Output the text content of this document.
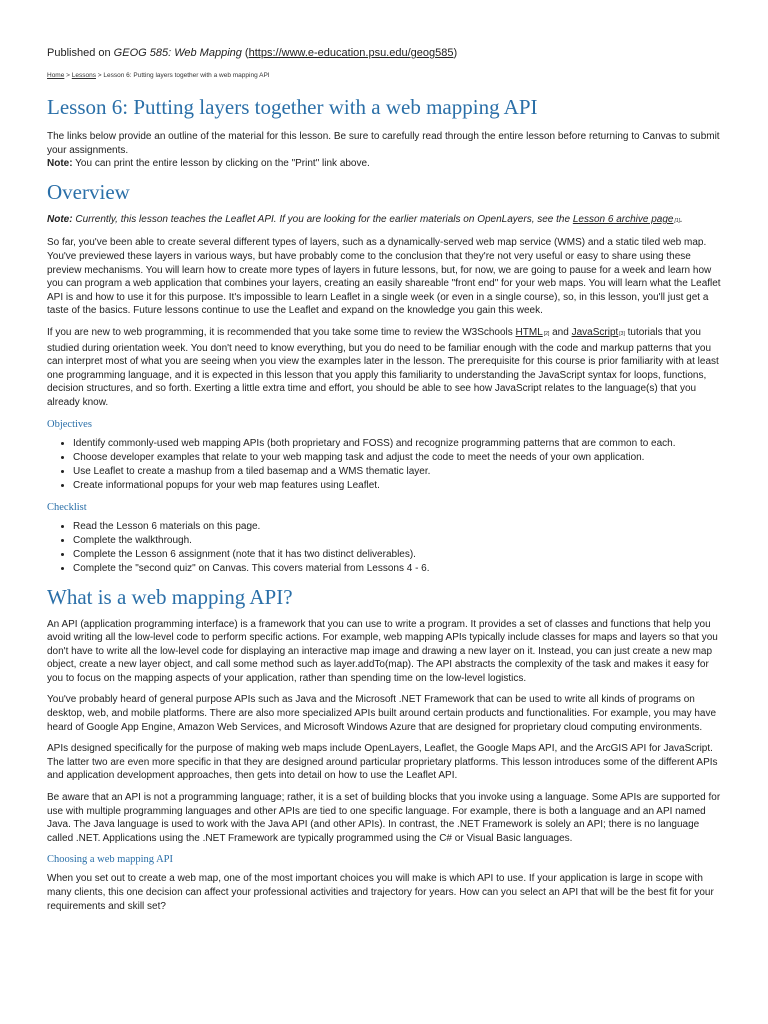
Published on GEOG 585: Web Mapping (https://www.e-education.psu.edu/geog585)
Home > Lessons > Lesson 6: Putting layers together with a web mapping API
Lesson 6: Putting layers together with a web mapping API

The links below provide an outline of the material for this lesson. Be sure to carefully read through the entire lesson before returning to Canvas to submit your assignments.

Note: You can print the entire lesson by clicking on the "Print" link above.

Overview

Note: Currently, this lesson teaches the Leaflet API. If you are looking for the earlier materials on OpenLayers, see the Lesson 6 archive page[1].

So far, you've been able to create several different types of layers, such as a dynamically-served web map service (WMS) and a static tiled web map. You've previewed these layers in various ways, but have probably come to the conclusion that they're not very useful or easy to share using these preview mechanisms. You will learn how to create more types of layers in future lessons, but, for now, we are going to pause for a week and learn how you can program a web application that combines your layers, creating an easily shareable "front end" for your web maps. You will learn what the Leaflet API is and how to use it for this purpose. It's impossible to learn Leaflet in a single week (or even in a single course), so, in this lesson, you'll just get a taste of the basics. Future lessons continue to use the Leaflet and expand on the knowledge you gain this week.

If you are new to web programming, it is recommended that you take some time to review the W3Schools HTML[2] and JavaScript[3] tutorials that you studied during orientation week. You don't need to know everything, but you do need to be familiar enough with the code and markup patterns that you can interpret most of what you are seeing when you view the examples later in the lesson. The prerequisite for this course is prior familiarity with at least one programming language, and it is expected in this lesson that you apply this familiarity to understanding the JavaScript syntax for loops, functions, decision structures, and so forth. Exerting a little extra time and effort, you should be able to see how JavaScript relates to the language(s) that you already know.

Objectives
• Identify commonly-used web mapping APIs (both proprietary and FOSS) and recognize programming patterns that are common to each.
• Choose developer examples that relate to your web mapping task and adjust the code to meet the needs of your own application.
• Use Leaflet to create a mashup from a tiled basemap and a WMS thematic layer.
• Create informational popups for your web map features using Leaflet.
Checklist
• Read the Lesson 6 materials on this page.
• Complete the walkthrough.
• Complete the Lesson 6 assignment (note that it has two distinct deliverables).
• Complete the "second quiz" on Canvas. This covers material from Lessons 4 - 6.
What is a web mapping API?

An API (application programming interface) is a framework that you can use to write a program. It provides a set of classes and functions that help you avoid writing all the low-level code to perform specific actions. For example, web mapping APIs typically include classes for maps and layers so that you don't have to write all the low-level code for displaying an interactive map image and drawing a new layer on it. Instead, you can just create a new map object, create a new layer object, and call some method such as layer.addTo(map). The API abstracts the complexity of the task and makes it easy for you to focus on the mapping aspects of your application, rather than spending time on the low-level logistics.

You've probably heard of general purpose APIs such as Java and the Microsoft .NET Framework that can be used to write all kinds of programs on desktop, web, and mobile platforms. There are also more specialized APIs built around certain products and functionalities. For example, you may have heard of Google App Engine, Amazon Web Services, and Microsoft Windows Azure that are designed for proprietary cloud computing environments.

APIs designed specifically for the purpose of making web maps include OpenLayers, Leaflet, the Google Maps API, and the ArcGIS API for JavaScript. The latter two are even more specific in that they are designed around particular proprietary platforms. This lesson introduces some of the different APIs and application development approaches, then gets into detail on how to use the Leaflet API.

Be aware that an API is not a programming language; rather, it is a set of building blocks that you invoke using a language. Some APIs are supported for use with multiple programming languages and other APIs are tied to one specific language. For example, there is both a language and an API named Java. The Java language is used to work with the Java API (and other APIs). In contrast, the .NET Framework is solely an API; there is no language called .NET. Applications using the .NET Framework are typically programmed using the C# or Visual Basic languages.

Choosing a web mapping API

When you set out to create a web map, one of the most important choices you will make is which API to use. If your application is large in scope with many clients, this one decision can affect your professional activities and trajectory for years. How can you select an API that will be the best fit for your requirements and skill set?
